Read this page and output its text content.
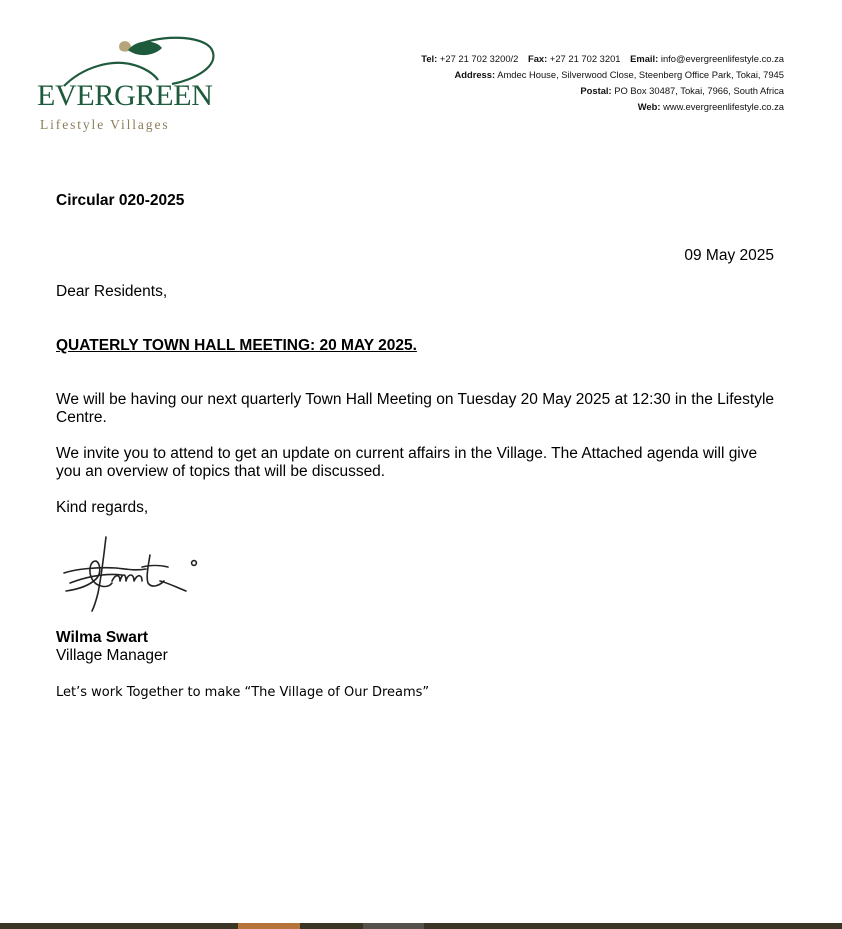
EVERGREEN
Lifestyle Villages
Tel: +27 21 702 3200/2 Fax: +27 21 702 3201 Email: info@evergreenlifestyle.co.za
Address: Amdec House, Silverwood Close, Steenberg Office Park, Tokai, 7945
Postal: PO Box 30487, Tokai, 7966, South Africa
Web: www.evergreenlifestyle.co.za
Circular 020-2025
09 May 2025
Dear Residents,
QUATERLY TOWN HALL MEETING: 20 MAY 2025.
We will be having our next quarterly Town Hall Meeting on Tuesday 20 May 2025 at 12:30 in the Lifestyle Centre.
We invite you to attend to get an update on current affairs in the Village. The Attached agenda will give you an overview of topics that will be discussed.
Kind regards,
Wilma Swart
Village Manager
Let’s work Together to make “The Village of Our Dreams”
